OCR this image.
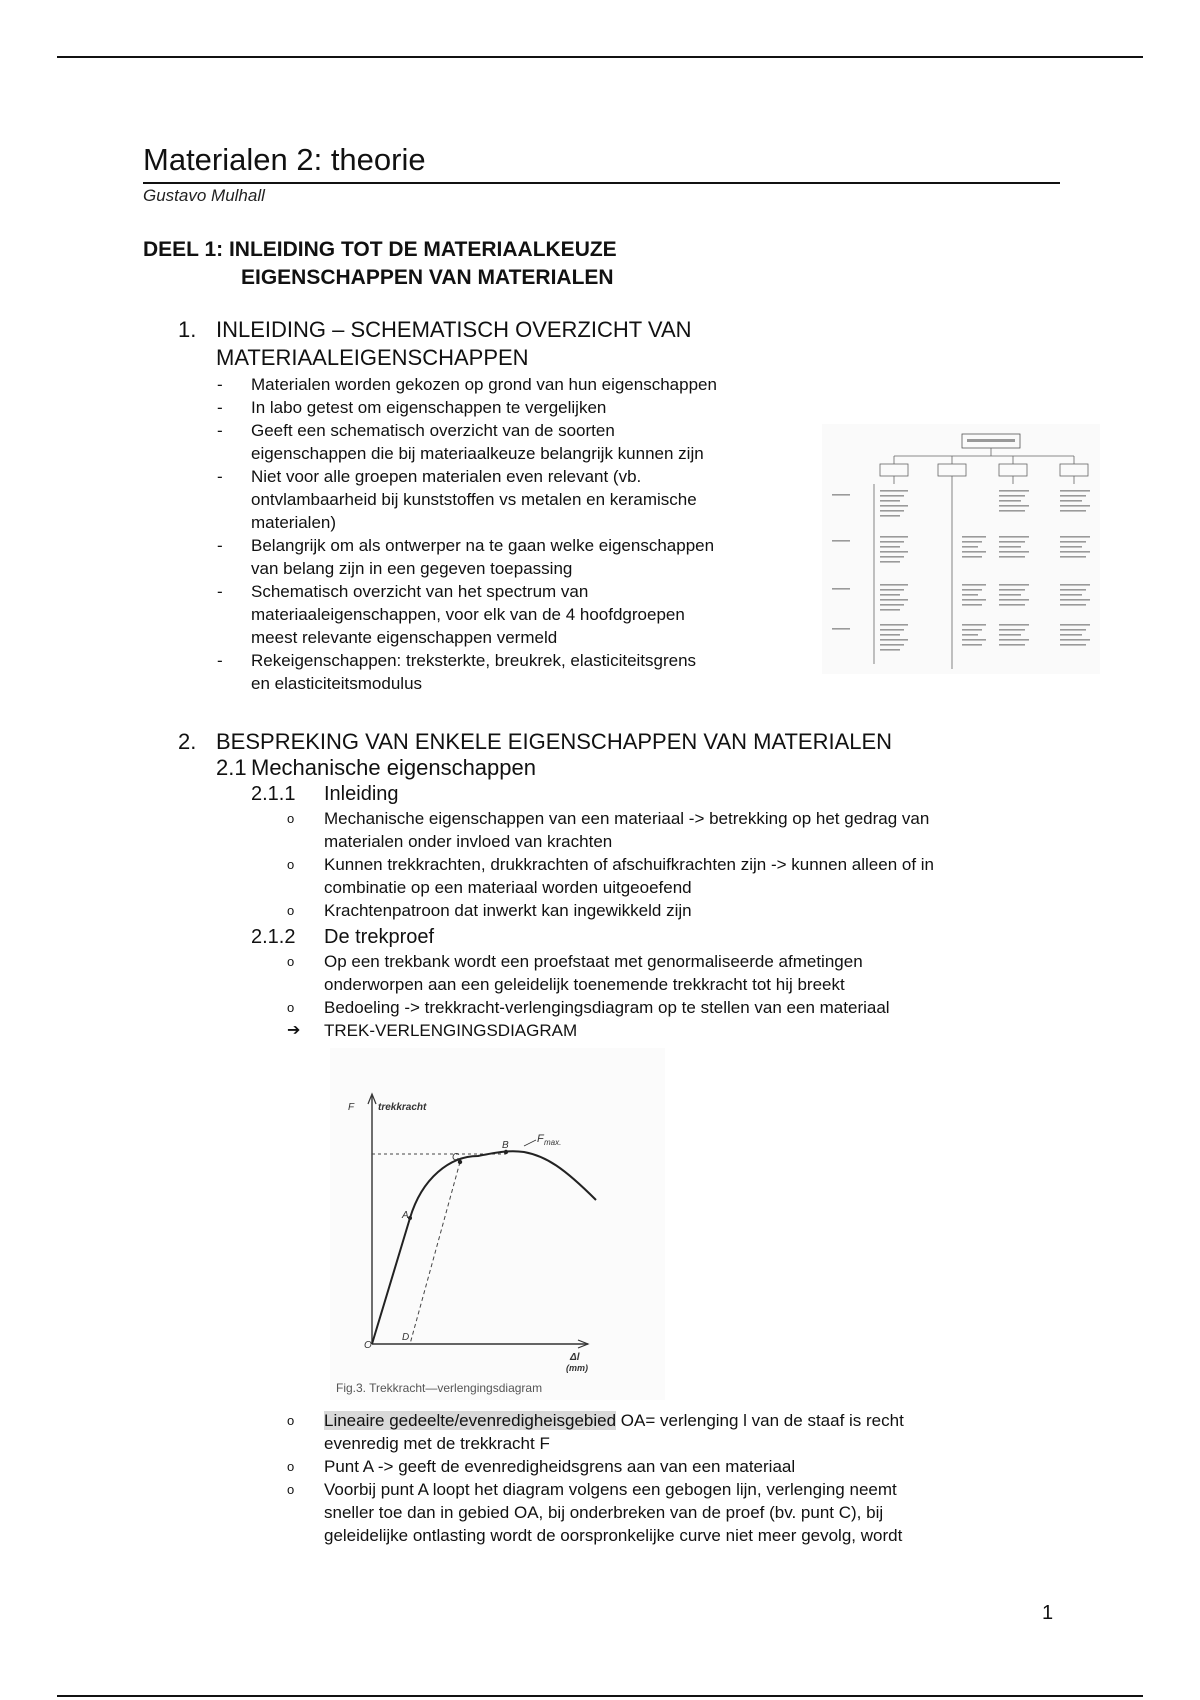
Materialen 2: theorie
Gustavo Mulhall
DEEL 1: INLEIDING TOT DE MATERIAALKEUZE
EIGENSCHAPPEN VAN MATERIALEN
1. INLEIDING – SCHEMATISCH OVERZICHT VAN
MATERIAALEIGENSCHAPPEN
-	Materialen worden gekozen op grond van hun eigenschappen
-	In labo getest om eigenschappen te vergelijken
-	Geeft een schematisch overzicht van de soorten
eigenschappen die bij materiaalkeuze belangrijk kunnen zijn
-	Niet voor alle groepen materialen even relevant (vb.
ontvlambaarheid bij kunststoffen vs metalen en keramische
materialen)
-	Belangrijk om als ontwerper na te gaan welke eigenschappen
van belang zijn in een gegeven toepassing
-	Schematisch overzicht van het spectrum van
materiaaleigenschappen, voor elk van de 4 hoofdgroepen
meest relevante eigenschappen vermeld
-	Rekeigenschappen: treksterkte, breukrek, elasticiteitsgrens
en elasticiteitsmodulus
2. BESPREKING VAN ENKELE EIGENSCHAPPEN VAN MATERIALEN
2.1 Mechanische eigenschappen
2.1.1 Inleiding
o Mechanische eigenschappen van een materiaal -> betrekking op het gedrag van
materialen onder invloed van krachten
o Kunnen trekkrachten, drukkrachten of afschuifkrachten zijn -> kunnen alleen of in
combinatie op een materiaal worden uitgeoefend
o Krachtenpatroon dat inwerkt kan ingewikkeld zijn
2.1.2 De trekproef
o Op een trekbank wordt een proefstaat met genormaliseerde afmetingen
onderworpen aan een geleidelijk toenemende trekkracht tot hij breekt
o Bedoeling -> trekkracht-verlengingsdiagram op te stellen van een materiaal
➔ TREK-VERLENGINGSDIAGRAM
F trekkracht
A
C
B
O
D
F max.
Δl
(mm)
Fig.3. Trekkracht—verlengingsdiagram
o Lineaire gedeelte/evenredigheisgebied OA= verlenging l van de staaf is recht
evenredig met de trekkracht F
o Punt A -> geeft de evenredigheidsgrens aan van een materiaal
o Voorbij punt A loopt het diagram volgens een gebogen lijn, verlenging neemt
sneller toe dan in gebied OA, bij onderbreken van de proef (bv. punt C), bij
geleidelijke ontlasting wordt de oorspronkelijke curve niet meer gevolg, wordt
1
